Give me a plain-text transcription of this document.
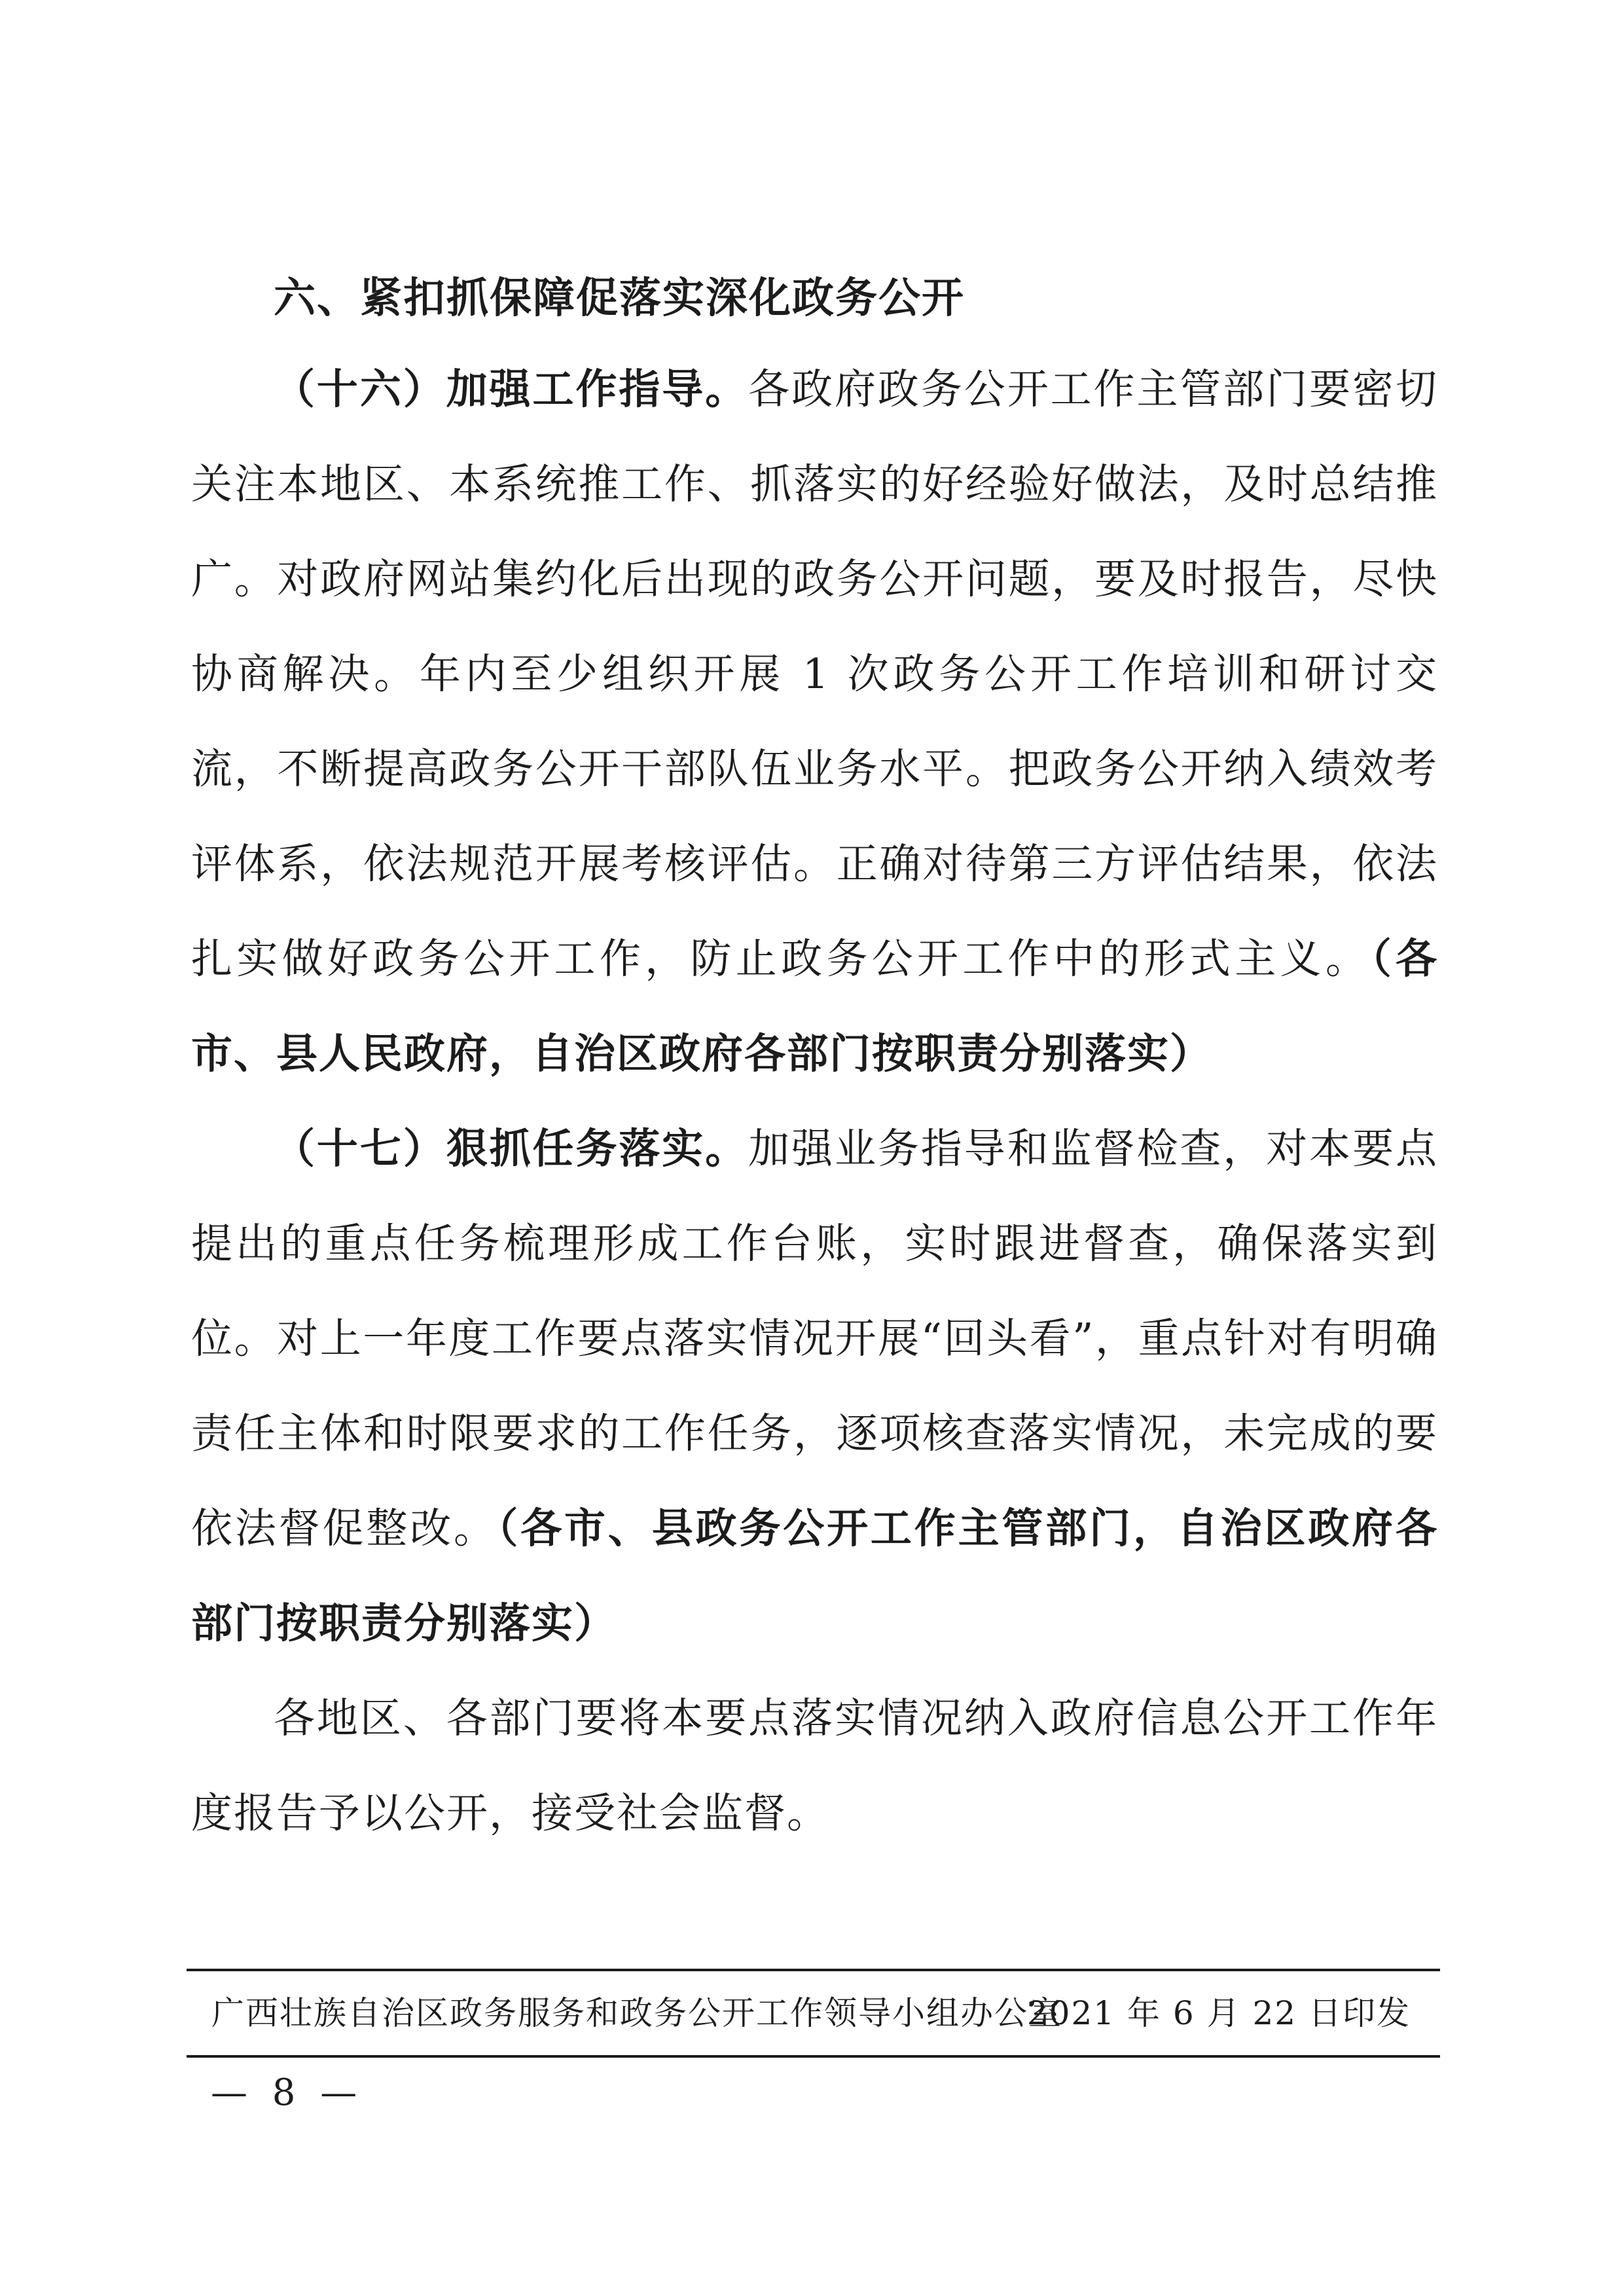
六、紧扣抓保障促落实深化政务公开

（十六）加强工作指导。各政府政务公开工作主管部门要密切关注本地区、本系统推工作、抓落实的好经验好做法，及时总结推广。对政府网站集约化后出现的政务公开问题，要及时报告，尽快协商解决。年内至少组织开展 1 次政务公开工作培训和研讨交流，不断提高政务公开干部队伍业务水平。把政务公开纳入绩效考评体系，依法规范开展考核评估。正确对待第三方评估结果，依法扎实做好政务公开工作，防止政务公开工作中的形式主义。（各市、县人民政府，自治区政府各部门按职责分别落实）

（十七）狠抓任务落实。加强业务指导和监督检查，对本要点提出的重点任务梳理形成工作台账，实时跟进督查，确保落实到位。对上一年度工作要点落实情况开展“回头看”，重点针对有明确责任主体和时限要求的工作任务，逐项核查落实情况，未完成的要依法督促整改。（各市、县政务公开工作主管部门，自治区政府各部门按职责分别落实）

各地区、各部门要将本要点落实情况纳入政府信息公开工作年度报告予以公开，接受社会监督。

广西壮族自治区政务服务和政务公开工作领导小组办公室
2021 年 6 月 22 日印发
— 8 —
